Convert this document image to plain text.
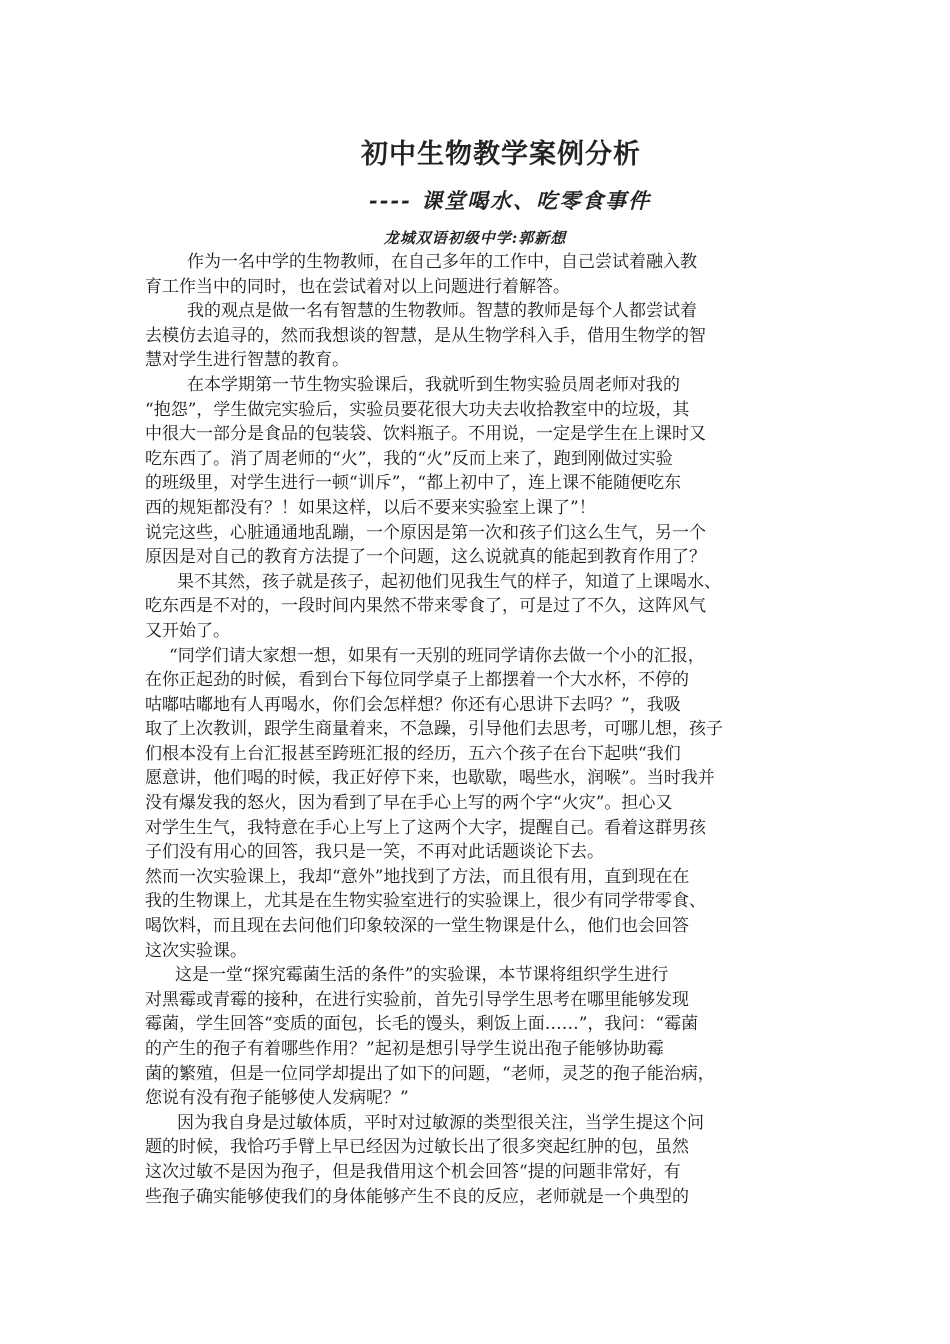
初中生物教学案例分析
---- 课堂喝水、吃零食事件
龙城双语初级中学:郭新想
作为一名中学的生物教师，在自己多年的工作中，自己尝试着融入教
育工作当中的同时，也在尝试着对以上问题进行着解答。
我的观点是做一名有智慧的生物教师。智慧的教师是每个人都尝试着
去模仿去追寻的，然而我想谈的智慧，是从生物学科入手，借用生物学的智
慧对学生进行智慧的教育。
在本学期第一节生物实验课后，我就听到生物实验员周老师对我的
“抱怨”，学生做完实验后，实验员要花很大功夫去收拾教室中的垃圾，其
中很大一部分是食品的包装袋、饮料瓶子。不用说，一定是学生在上课时又
吃东西了。消了周老师的“火”，我的“火”反而上来了，跑到刚做过实验
的班级里，对学生进行一顿“训斥”，“都上初中了，连上课不能随便吃东
西的规矩都没有？！如果这样，以后不要来实验室上课了”！
说完这些，心脏通通地乱蹦，一个原因是第一次和孩子们这么生气，另一个
原因是对自己的教育方法提了一个问题，这么说就真的能起到教育作用了？
果不其然，孩子就是孩子，起初他们见我生气的样子，知道了上课喝水、
吃东西是不对的，一段时间内果然不带来零食了，可是过了不久，这阵风气
又开始了。
“同学们请大家想一想，如果有一天别的班同学请你去做一个小的汇报，
在你正起劲的时候，看到台下每位同学桌子上都摆着一个大水杯，不停的
咕嘟咕嘟地有人再喝水，你们会怎样想？你还有心思讲下去吗？”，我吸
取了上次教训，跟学生商量着来，不急躁，引导他们去思考，可哪儿想，孩子
们根本没有上台汇报甚至跨班汇报的经历，五六个孩子在台下起哄“我们
愿意讲，他们喝的时候，我正好停下来，也歇歇，喝些水，润喉”。当时我并
没有爆发我的怒火，因为看到了早在手心上写的两个字“火灾”。担心又
对学生生气，我特意在手心上写上了这两个大字，提醒自己。看着这群男孩
子们没有用心的回答，我只是一笑，不再对此话题谈论下去。
然而一次实验课上，我却“意外”地找到了方法，而且很有用，直到现在在
我的生物课上，尤其是在生物实验室进行的实验课上，很少有同学带零食、
喝饮料，而且现在去问他们印象较深的一堂生物课是什么，他们也会回答
这次实验课。
这是一堂“探究霉菌生活的条件”的实验课，本节课将组织学生进行
对黑霉或青霉的接种，在进行实验前，首先引导学生思考在哪里能够发现
霉菌，学生回答“变质的面包，长毛的馒头，剩饭上面……”，我问：“霉菌
的产生的孢子有着哪些作用？”起初是想引导学生说出孢子能够协助霉
菌的繁殖，但是一位同学却提出了如下的问题，“老师，灵芝的孢子能治病，
您说有没有孢子能够使人发病呢？”
因为我自身是过敏体质，平时对过敏源的类型很关注，当学生提这个问
题的时候，我恰巧手臂上早已经因为过敏长出了很多突起红肿的包，虽然
这次过敏不是因为孢子，但是我借用这个机会回答“提的问题非常好，有
些孢子确实能够使我们的身体能够产生不良的反应，老师就是一个典型的
